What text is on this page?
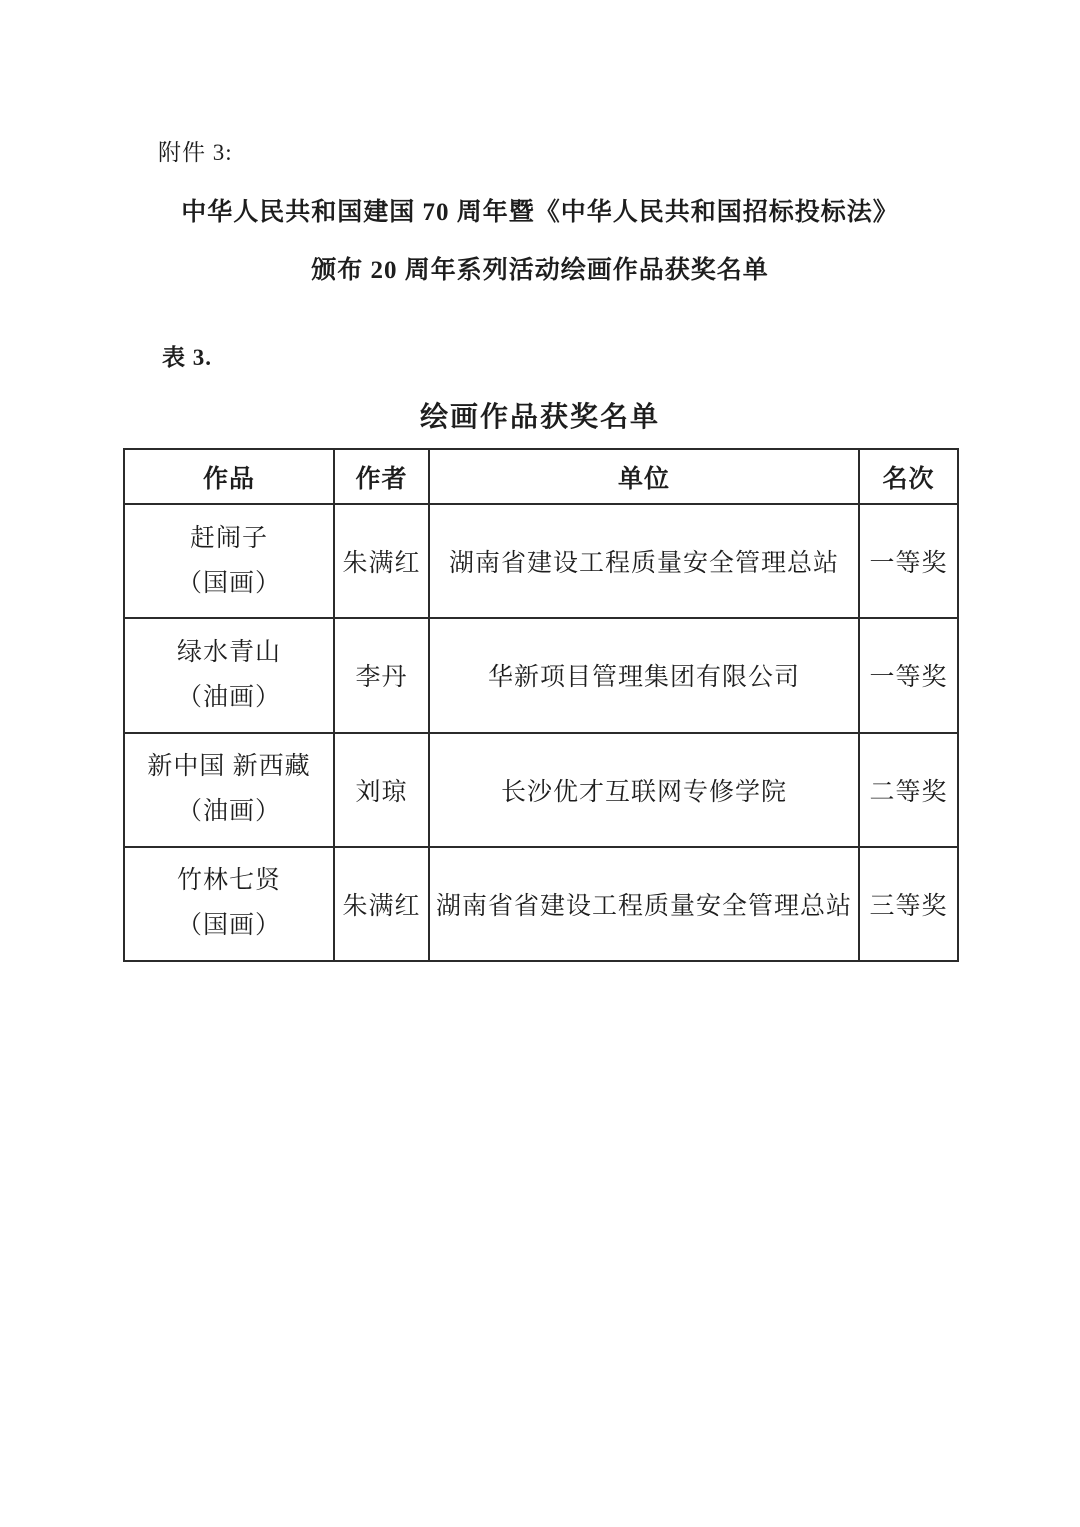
附件 3:
中华人民共和国建国 70 周年暨《中华人民共和国招标投标法》
颁布 20 周年系列活动绘画作品获奖名单
表 3.
绘画作品获奖名单
作品	作者	单位	名次

赶闹子
（国画）	朱满红	湖南省建设工程质量安全管理总站	一等奖

绿水青山
（油画）	李丹	华新项目管理集团有限公司	一等奖

新中国 新西藏
（油画）	刘琼	长沙优才互联网专修学院	二等奖

竹林七贤
（国画）	朱满红	湖南省省建设工程质量安全管理总站	三等奖
